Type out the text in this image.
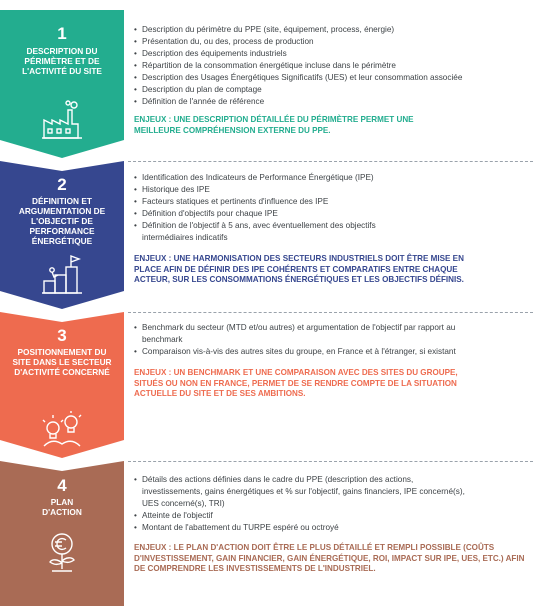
1
DESCRIPTION DU PÉRIMÈTRE ET DE L'ACTIVITÉ DU SITE
• Description du périmètre du PPE (site, équipement, process, énergie)
• Présentation du, ou des, process de production
• Description des équipements industriels
• Répartition de la consommation énergétique incluse dans le périmètre
• Description des Usages Énergétiques Significatifs (UES) et leur consommation associée
• Description du plan de comptage
• Définition de l'année de référence
ENJEUX : UNE DESCRIPTION DÉTAILLÉE DU PÉRIMÈTRE PERMET UNE MEILLEURE COMPRÉHENSION EXTERNE DU PPE.
2
DÉFINITION ET ARGUMENTATION DE L'OBJECTIF DE PERFORMANCE ÉNERGÉTIQUE
• Identification des Indicateurs de Performance Énergétique (IPE)
• Historique des IPE
• Facteurs statiques et pertinents d'influence des IPE
• Définition d'objectifs pour chaque IPE
• Définition de l'objectif à 5 ans, avec éventuellement des objectifs intermédiaires indicatifs
ENJEUX : UNE HARMONISATION DES SECTEURS INDUSTRIELS DOIT ÊTRE MISE EN PLACE AFIN DE DÉFINIR DES IPE COHÉRENTS ET COMPARATIFS ENTRE CHAQUE ACTEUR, SUR LES CONSOMMATIONS ÉNERGÉTIQUES ET LES OBJECTIFS DÉFINIS.
3
POSITIONNEMENT DU SITE DANS LE SECTEUR D'ACTIVITÉ CONCERNÉ
• Benchmark du secteur (MTD et/ou autres) et argumentation de l'objectif par rapport au benchmark
• Comparaison vis-à-vis des autres sites du groupe, en France et à l'étranger, si existant
ENJEUX : UN BENCHMARK ET UNE COMPARAISON AVEC DES SITES DU GROUPE, SITUÉS OU NON EN FRANCE, PERMET DE SE RENDRE COMPTE DE LA SITUATION ACTUELLE DU SITE ET DE SES AMBITIONS.
4
PLAN D'ACTION
• Détails des actions définies dans le cadre du PPE (description des actions, investissements, gains énergétiques et % sur l'objectif, gains financiers, IPE concerné(s), UES concerné(s), TRI)
• Atteinte de l'objectif
• Montant de l'abattement du TURPE espéré ou octroyé
ENJEUX : LE PLAN D'ACTION DOIT ÊTRE LE PLUS DÉTAILLÉ ET REMPLI POSSIBLE (COÛTS D'INVESTISSEMENT, GAIN FINANCIER, GAIN ÉNERGÉTIQUE, ROI, IMPACT SUR IPE, UES, ETC.) AFIN DE COMPRENDRE LES INVESTISSEMENTS DE L'INDUSTRIEL.
